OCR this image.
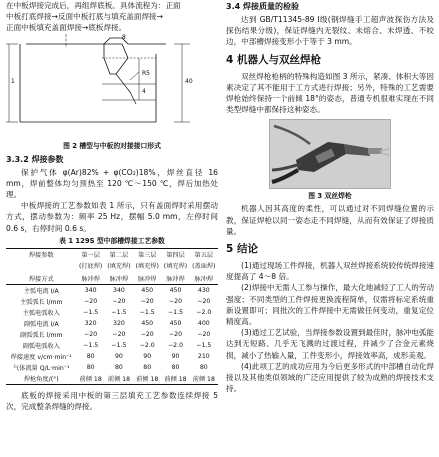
在中板焊接完成后，再组焊底板。具体流程为：正面

中板打底焊接→反面中板打底与填充盖面焊接→

正面中板填充盖面焊接→底板焊接。

8
1
R5
4
40
图 2 槽型与中板的对接接口形式
3.3.2 焊接参数

保护气体 φ(Ar)82% + φ(CO₂)18%，焊丝直径 16 mm，焊前整体均匀预热至 120 ℃～150 ℃，焊后加热处理。

中板焊接的工艺参数如表 1 所示，只有盖面焊时采用摆动方式，摆动参数为：频率 25 Hz，摆幅 5.0 mm，左停时间 0.6 s，右停时间 0.6 s。

表 1 129S 型中部槽焊接工艺参数
焊接参数	第一层	第二层	第三层	第四层	第五层
	(打底焊)	(填充焊)	(填充焊)	(填充焊)	(盖面焊)
焊接方式	脉冲焊	脉冲焊	脉冲焊	脉冲焊	脉冲焊
主弧电流 I/A	340	340	450	450	430
主弧弧长 l/mm	−20	−20	−20	−20	−20
主弧电弧收入	−1.5	−1.5	−1.5	−1.5	−2.0
副弧电流 I/A	320	320	450	450	400
副弧弧长 l/mm	−20	−20	−20	−20	−20
副弧电弧收入	−1.5	−1.5	−2.0	−2.0	−1.5
焊接速度 v/cm·min⁻¹	80	90	90	90	210
气体流量 Q/L·min⁻¹	80	80	80	80	80
焊枪角度/(°)	前倾 18	前倾 18	前倾 18	前倾 18	前倾 18

底板的焊接采用中板的第三层填充工艺参数连续焊接 5 次，完成整条焊缝的焊接。

3.4 焊接质量的检验

达到 GB/T11345-89 Ⅰ级(钢焊缝手工超声波探伤方法及探伤结果分级)，保证焊缝内无裂纹、未熔合、未焊透、不咬边，中部槽焊接变形小于等于 3 mm。

4 机器人与双丝焊枪

双丝焊枪枪柄的特殊构造如图 3 所示，紧凑、体积大等因素决定了其不能用于工方式进行焊接；另外，特殊的工艺需要焊枪始终保持一个前倾 18°的姿态，普通专机很难实现在不同类型焊缝中都保持这种姿态。

图 3 双丝焊枪

机器人因其高度的柔性，可以通过对不同焊缝位置的示教，保证焊枪以同一姿态走不同焊缝，从而有效保证了焊接质量。

5 结论

(1)通过现场工件焊接，机器人双丝焊接系统较传统焊接速度提高了 4～8 倍。

(2)焊接中无需人工参与操作，最大化地减轻了工人的劳动强度；不同类型的工件焊接更换流程简单，仅需将标定系统重新设置即可；同批次的工件焊接中无需做任何变动，重复定位精度高。

(3)通过工艺试验，当焊接参数设置到最佳时，脉冲电弧能达到无短路、几乎无飞溅的过渡过程，并减少了合金元素烧损，减小了热输入量，工件变形小，焊接效率高，成形美观。

(4)此项工艺的成功应用为今后更多形式的中部槽自动化焊接以及其他类似领域的广泛应用提供了较为成熟的焊接技术支持。
